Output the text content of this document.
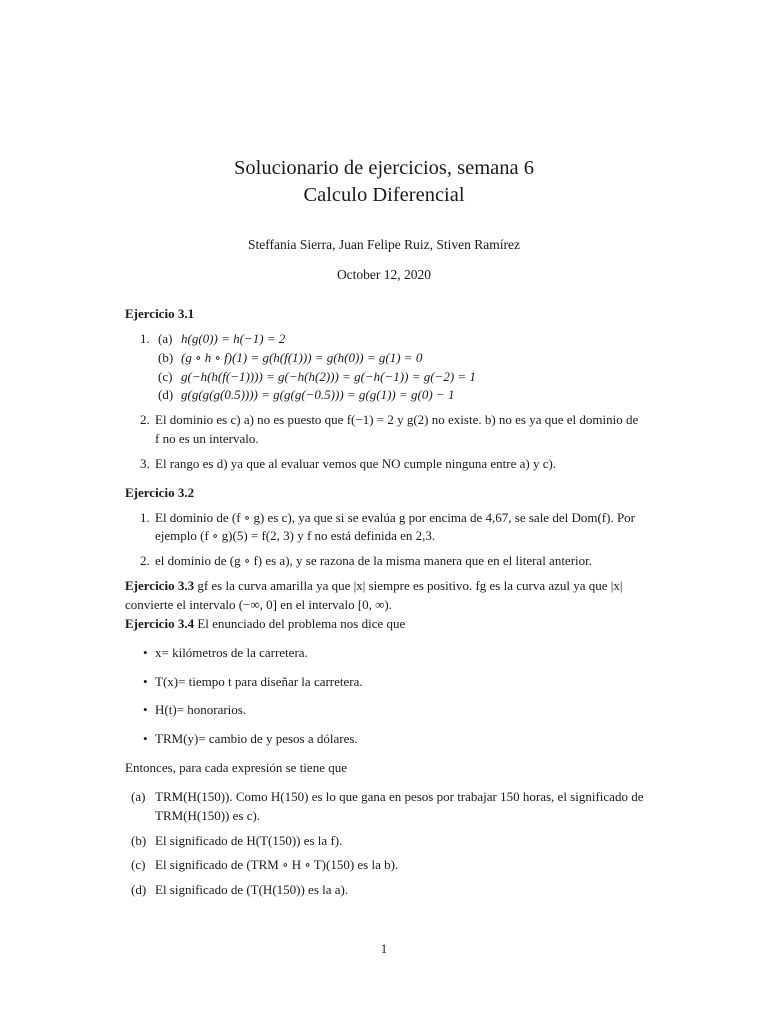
Solucionario de ejercicios, semana 6
Calculo Diferencial
Steffania Sierra, Juan Felipe Ruiz, Stiven Ramírez
October 12, 2020
Ejercicio 3.1
1. (a) h(g(0)) = h(−1) = 2
(b) (g ∘ h ∘ f)(1) = g(h(f(1))) = g(h(0)) = g(1) = 0
(c) g(−h(h(f(−1)))) = g(−h(h(2))) = g(−h(−1)) = g(−2) = 1
(d) g(g(g(g(0.5)))) = g(g(g(−0.5))) = g(g(1)) = g(0) − 1
2. El dominio es c) a) no es puesto que f(−1) = 2 y g(2) no existe. b) no es ya que el dominio de f no es un intervalo.
3. El rango es d) ya que al evaluar vemos que NO cumple ninguna entre a) y c).
Ejercicio 3.2
1. El dominio de (f ∘ g) es c), ya que si se evalúa g por encima de 4,67, se sale del Dom(f). Por ejemplo (f ∘ g)(5) = f(2, 3) y f no está definida en 2,3.
2. el dominio de (g ∘ f) es a), y se razona de la misma manera que en el literal anterior.
Ejercicio 3.3 gf es la curva amarilla ya que |x| siempre es positivo. fg es la curva azul ya que |x| convierte el intervalo (−∞, 0] en el intervalo [0, ∞).
Ejercicio 3.4 El enunciado del problema nos dice que
• x= kilómetros de la carretera.
• T(x)= tiempo t para diseñar la carretera.
• H(t)= honorarios.
• TRM(y)= cambio de y pesos a dólares.
Entonces, para cada expresión se tiene que
(a) TRM(H(150)). Como H(150) es lo que gana en pesos por trabajar 150 horas, el significado de TRM(H(150)) es c).
(b) El significado de H(T(150)) es la f).
(c) El significado de (TRM ∘ H ∘ T)(150) es la b).
(d) El significado de (T(H(150)) es la a).
1
